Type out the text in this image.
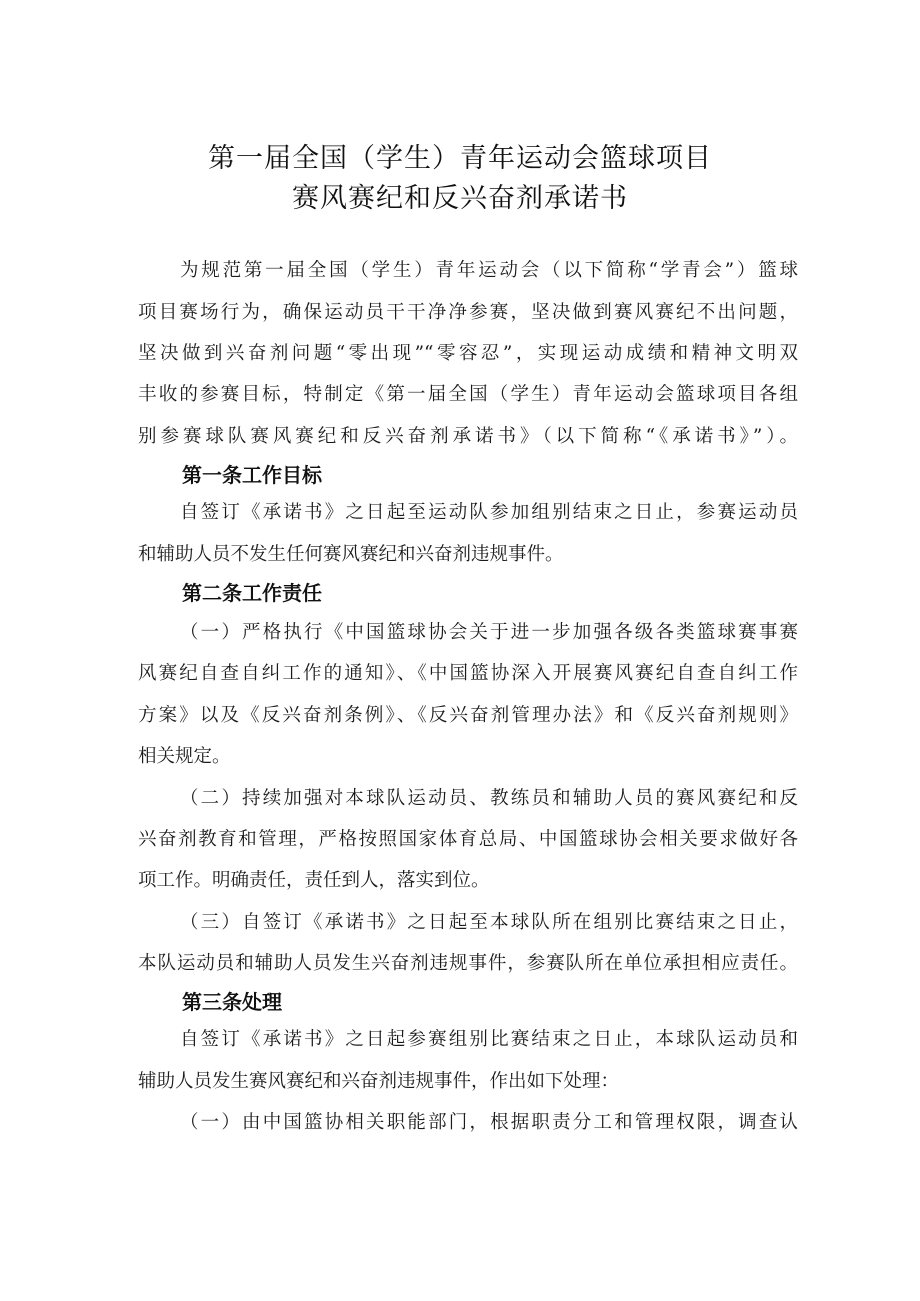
第一届全国（学生）青年运动会篮球项目
赛风赛纪和反兴奋剂承诺书
为规范第一届全国（学生）青年运动会（以下简称“学青会”）篮球
项目赛场行为，确保运动员干干净净参赛，坚决做到赛风赛纪不出问题，
坚决做到兴奋剂问题“零出现”“零容忍”，实现运动成绩和精神文明双
丰收的参赛目标，特制定《第一届全国（学生）青年运动会篮球项目各组
别参赛球队赛风赛纪和反兴奋剂承诺书》（以下简称“《承诺书》”）。
第一条工作目标
自签订《承诺书》之日起至运动队参加组别结束之日止，参赛运动员
和辅助人员不发生任何赛风赛纪和兴奋剂违规事件。
第二条工作责任
（一）严格执行《中国篮球协会关于进一步加强各级各类篮球赛事赛
风赛纪自查自纠工作的通知》、《中国篮协深入开展赛风赛纪自查自纠工作
方案》以及《反兴奋剂条例》、《反兴奋剂管理办法》和《反兴奋剂规则》
相关规定。
（二）持续加强对本球队运动员、教练员和辅助人员的赛风赛纪和反
兴奋剂教育和管理，严格按照国家体育总局、中国篮球协会相关要求做好各
项工作。明确责任，责任到人，落实到位。
（三）自签订《承诺书》之日起至本球队所在组别比赛结束之日止，
本队运动员和辅助人员发生兴奋剂违规事件，参赛队所在单位承担相应责任。
第三条处理
自签订《承诺书》之日起参赛组别比赛结束之日止，本球队运动员和
辅助人员发生赛风赛纪和兴奋剂违规事件，作出如下处理：
（一）由中国篮协相关职能部门，根据职责分工和管理权限，调查认
